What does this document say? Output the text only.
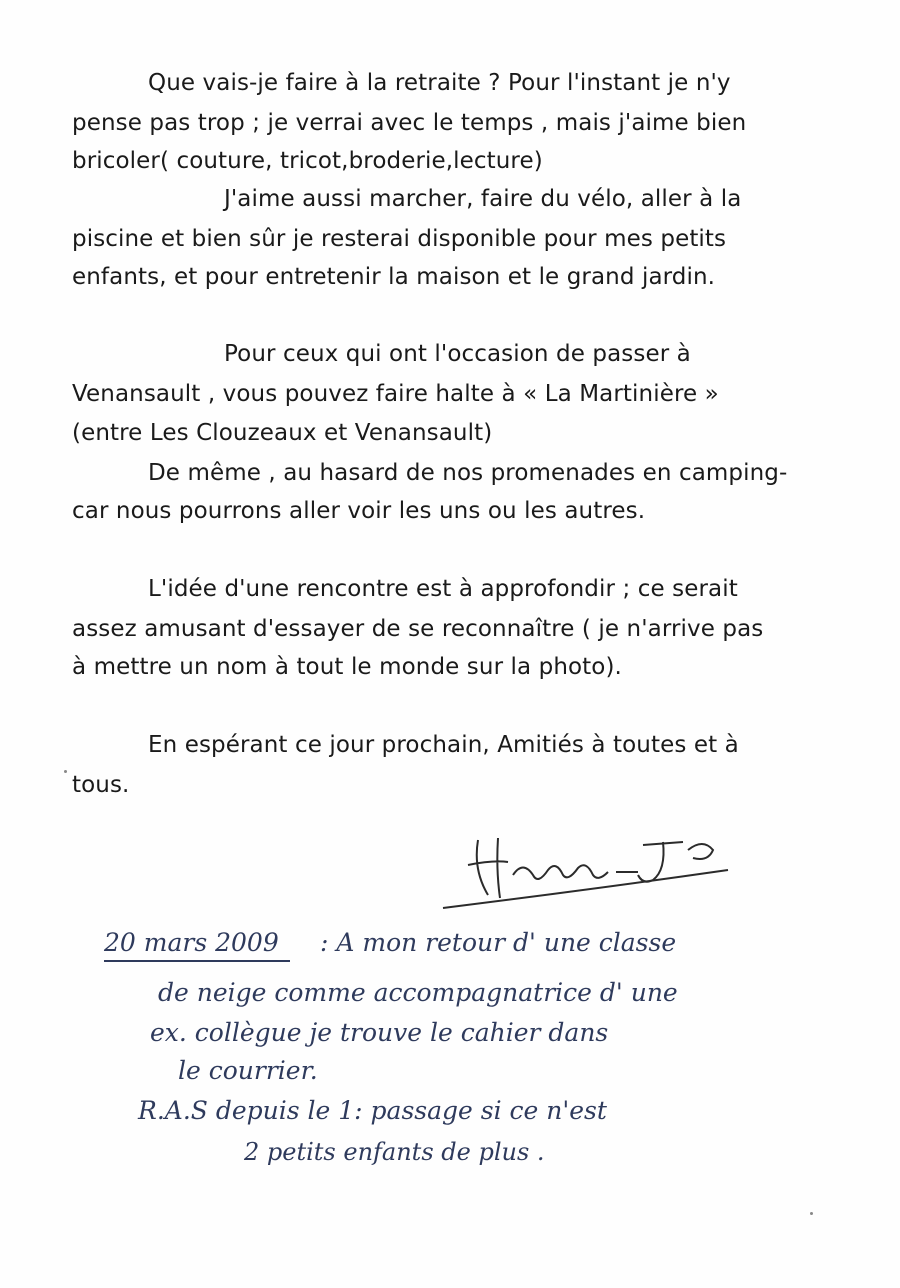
Que vais-je faire à la retraite ? Pour l'instant je n'y
pense pas trop ; je verrai avec le temps , mais j'aime bien
bricoler( couture, tricot,broderie,lecture)
J'aime aussi marcher, faire du vélo, aller à la
piscine et bien sûr je resterai disponible pour mes petits
enfants, et pour entretenir la maison et le grand jardin.
Pour ceux qui ont l'occasion de passer à
Venansault , vous pouvez faire halte à « La Martinière »
(entre Les Clouzeaux et Venansault)
De même , au hasard de nos promenades en camping-
car nous pourrons aller voir les uns ou les autres.
L'idée d'une rencontre est à approfondir ; ce serait
assez amusant d'essayer de se reconnaître ( je n'arrive pas
à mettre un nom à tout le monde sur la photo).
En espérant ce jour prochain, Amitiés à toutes et à
tous.
20 mars 2009 : A mon retour d' une classe
de neige comme accompagnatrice d' une
ex. collègue je trouve le cahier dans
le courrier.
R.A.S depuis le 1: passage si ce n'est
2 petits enfants de plus .
